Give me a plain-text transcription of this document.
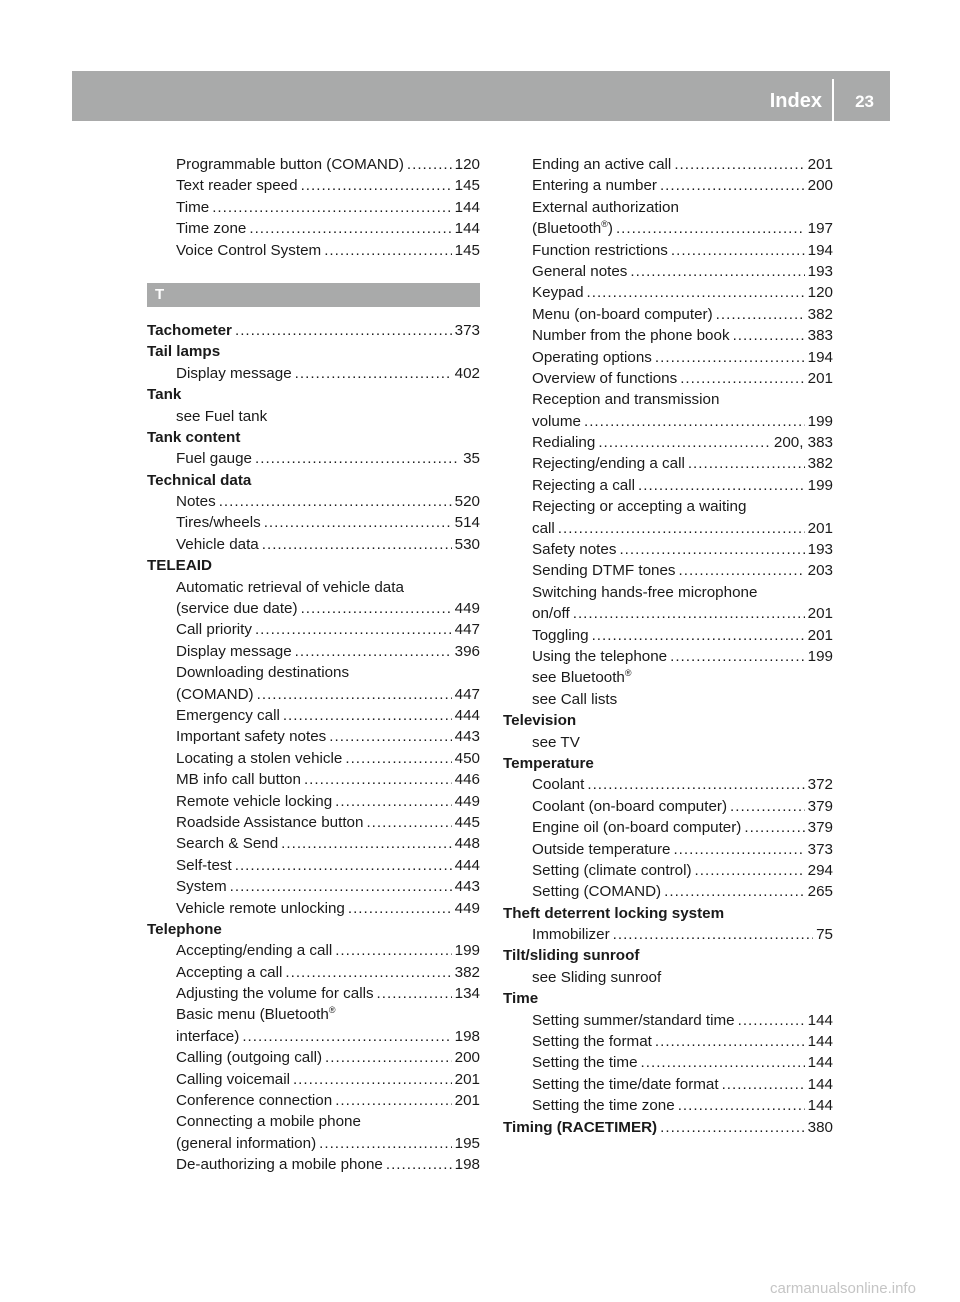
Index 23
Programmable button (COMAND) .....	120
Text reader speed .....	145
Time .....	144
Time zone .....	144
Voice Control System .....	145
T
Tachometer .....	373
Tail lamps
Display message .....	402
Tank
see Fuel tank
Tank content
Fuel gauge .....	35
Technical data
Notes .....	520
Tires/wheels .....	514
Vehicle data .....	530
TELEAID
Automatic retrieval of vehicle data
(service due date) .....	449
Call priority .....	447
Display message .....	396
Downloading destinations
(COMAND) .....	447
Emergency call .....	444
Important safety notes .....	443
Locating a stolen vehicle .....	450
MB info call button .....	446
Remote vehicle locking .....	449
Roadside Assistance button .....	445
Search & Send .....	448
Self-test .....	444
System .....	443
Vehicle remote unlocking .....	449
Telephone
Accepting/ending a call .....	199
Accepting a call .....	382
Adjusting the volume for calls .....	134
Basic menu (Bluetooth®
interface) .....	198
Calling (outgoing call) .....	200
Calling voicemail .....	201
Conference connection .....	201
Connecting a mobile phone
(general information) .....	195
De-authorizing a mobile phone .....	198
Ending an active call .....	201
Entering a number .....	200
External authorization
(Bluetooth®) .....	197
Function restrictions .....	194
General notes .....	193
Keypad .....	120
Menu (on-board computer) .....	382
Number from the phone book .....	383
Operating options .....	194
Overview of functions .....	201
Reception and transmission
volume .....	199
Redialing .....	200, 383
Rejecting/ending a call .....	382
Rejecting a call .....	199
Rejecting or accepting a waiting
call .....	201
Safety notes .....	193
Sending DTMF tones .....	203
Switching hands-free microphone
on/off .....	201
Toggling .....	201
Using the telephone .....	199
see Bluetooth®
see Call lists
Television
see TV
Temperature
Coolant .....	372
Coolant (on-board computer) .....	379
Engine oil (on-board computer) .....	379
Outside temperature .....	373
Setting (climate control) .....	294
Setting (COMAND) .....	265
Theft deterrent locking system
Immobilizer .....	75
Tilt/sliding sunroof
see Sliding sunroof
Time
Setting summer/standard time .....	144
Setting the format .....	144
Setting the time .....	144
Setting the time/date format .....	144
Setting the time zone .....	144
Timing (RACETIMER) .....	380
carmanualsonline.info
